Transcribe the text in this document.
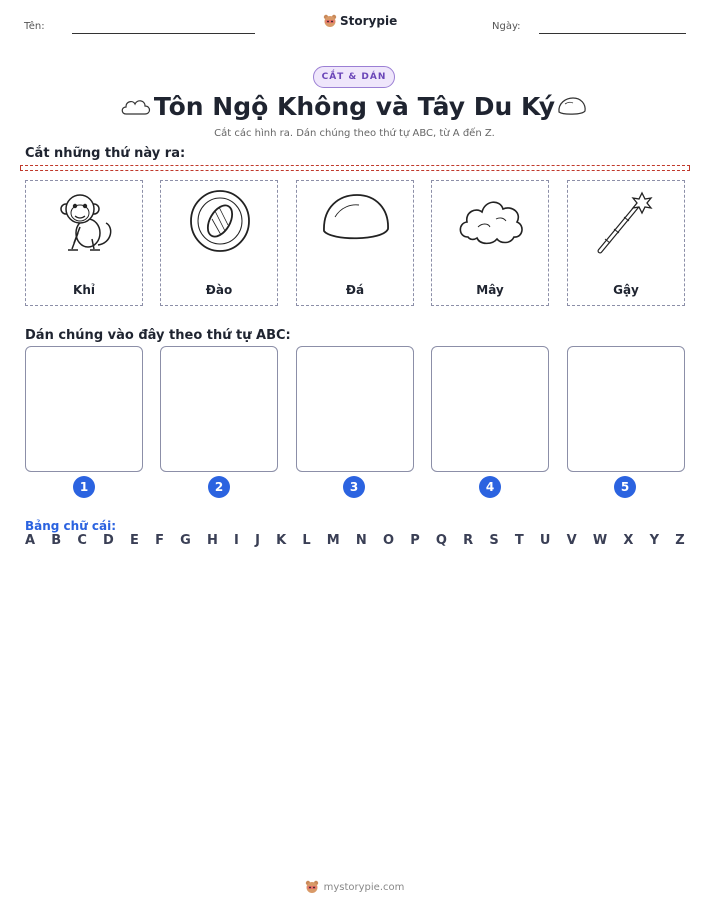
Tên:	Storypie	Ngày:
CẮT & DÁN
Tôn Ngộ Không và Tây Du Ký
Cắt các hình ra. Dán chúng theo thứ tự ABC, từ A đến Z.
Cắt những thứ này ra:
Khỉ	Đào	Đá	Mây	Gậy
Dán chúng vào đây theo thứ tự ABC:
1	2	3	4	5
Bảng chữ cái:
A B C D E F G H I J K L M N O P Q R S T U V W X Y Z
mystorypie.com
